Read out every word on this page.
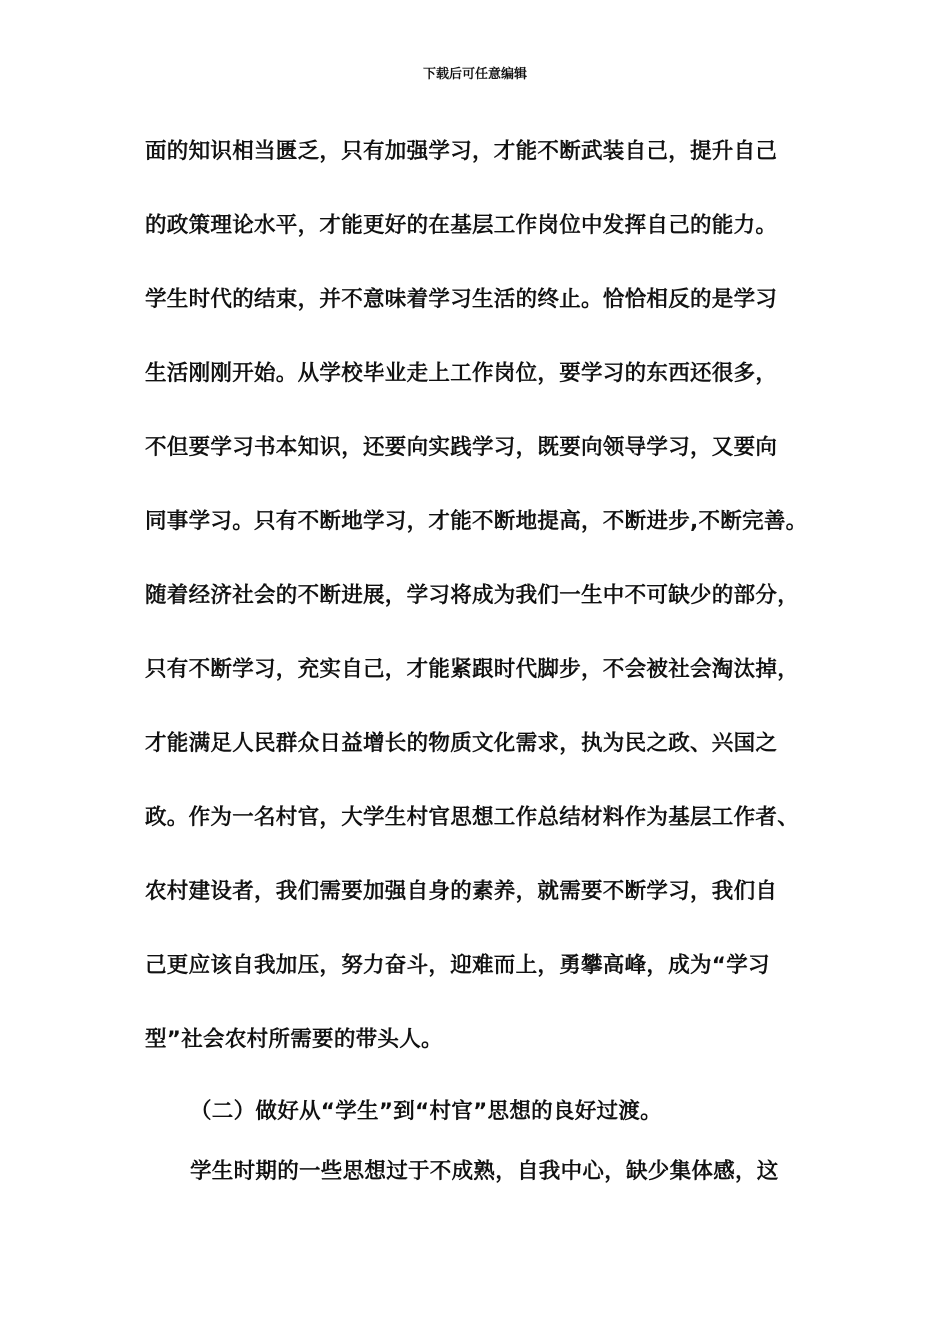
下载后可任意编辑
面的知识相当匮乏，只有加强学习，才能不断武装自己，提升自己
的政策理论水平，才能更好的在基层工作岗位中发挥自己的能力。
学生时代的结束，并不意味着学习生活的终止。恰恰相反的是学习
生活刚刚开始。从学校毕业走上工作岗位，要学习的东西还很多，
不但要学习书本知识，还要向实践学习，既要向领导学习，又要向
同事学习。只有不断地学习，才能不断地提高，不断进步,不断完善。
随着经济社会的不断进展，学习将成为我们一生中不可缺少的部分，
只有不断学习，充实自己，才能紧跟时代脚步，不会被社会淘汰掉，
才能满足人民群众日益增长的物质文化需求，执为民之政、兴国之
政。作为一名村官，大学生村官思想工作总结材料作为基层工作者、
农村建设者，我们需要加强自身的素养，就需要不断学习，我们自
己更应该自我加压，努力奋斗，迎难而上，勇攀高峰，成为“学习
型”社会农村所需要的带头人。
（二）做好从“学生”到“村官”思想的良好过渡。
学生时期的一些思想过于不成熟，自我中心，缺少集体感，这
